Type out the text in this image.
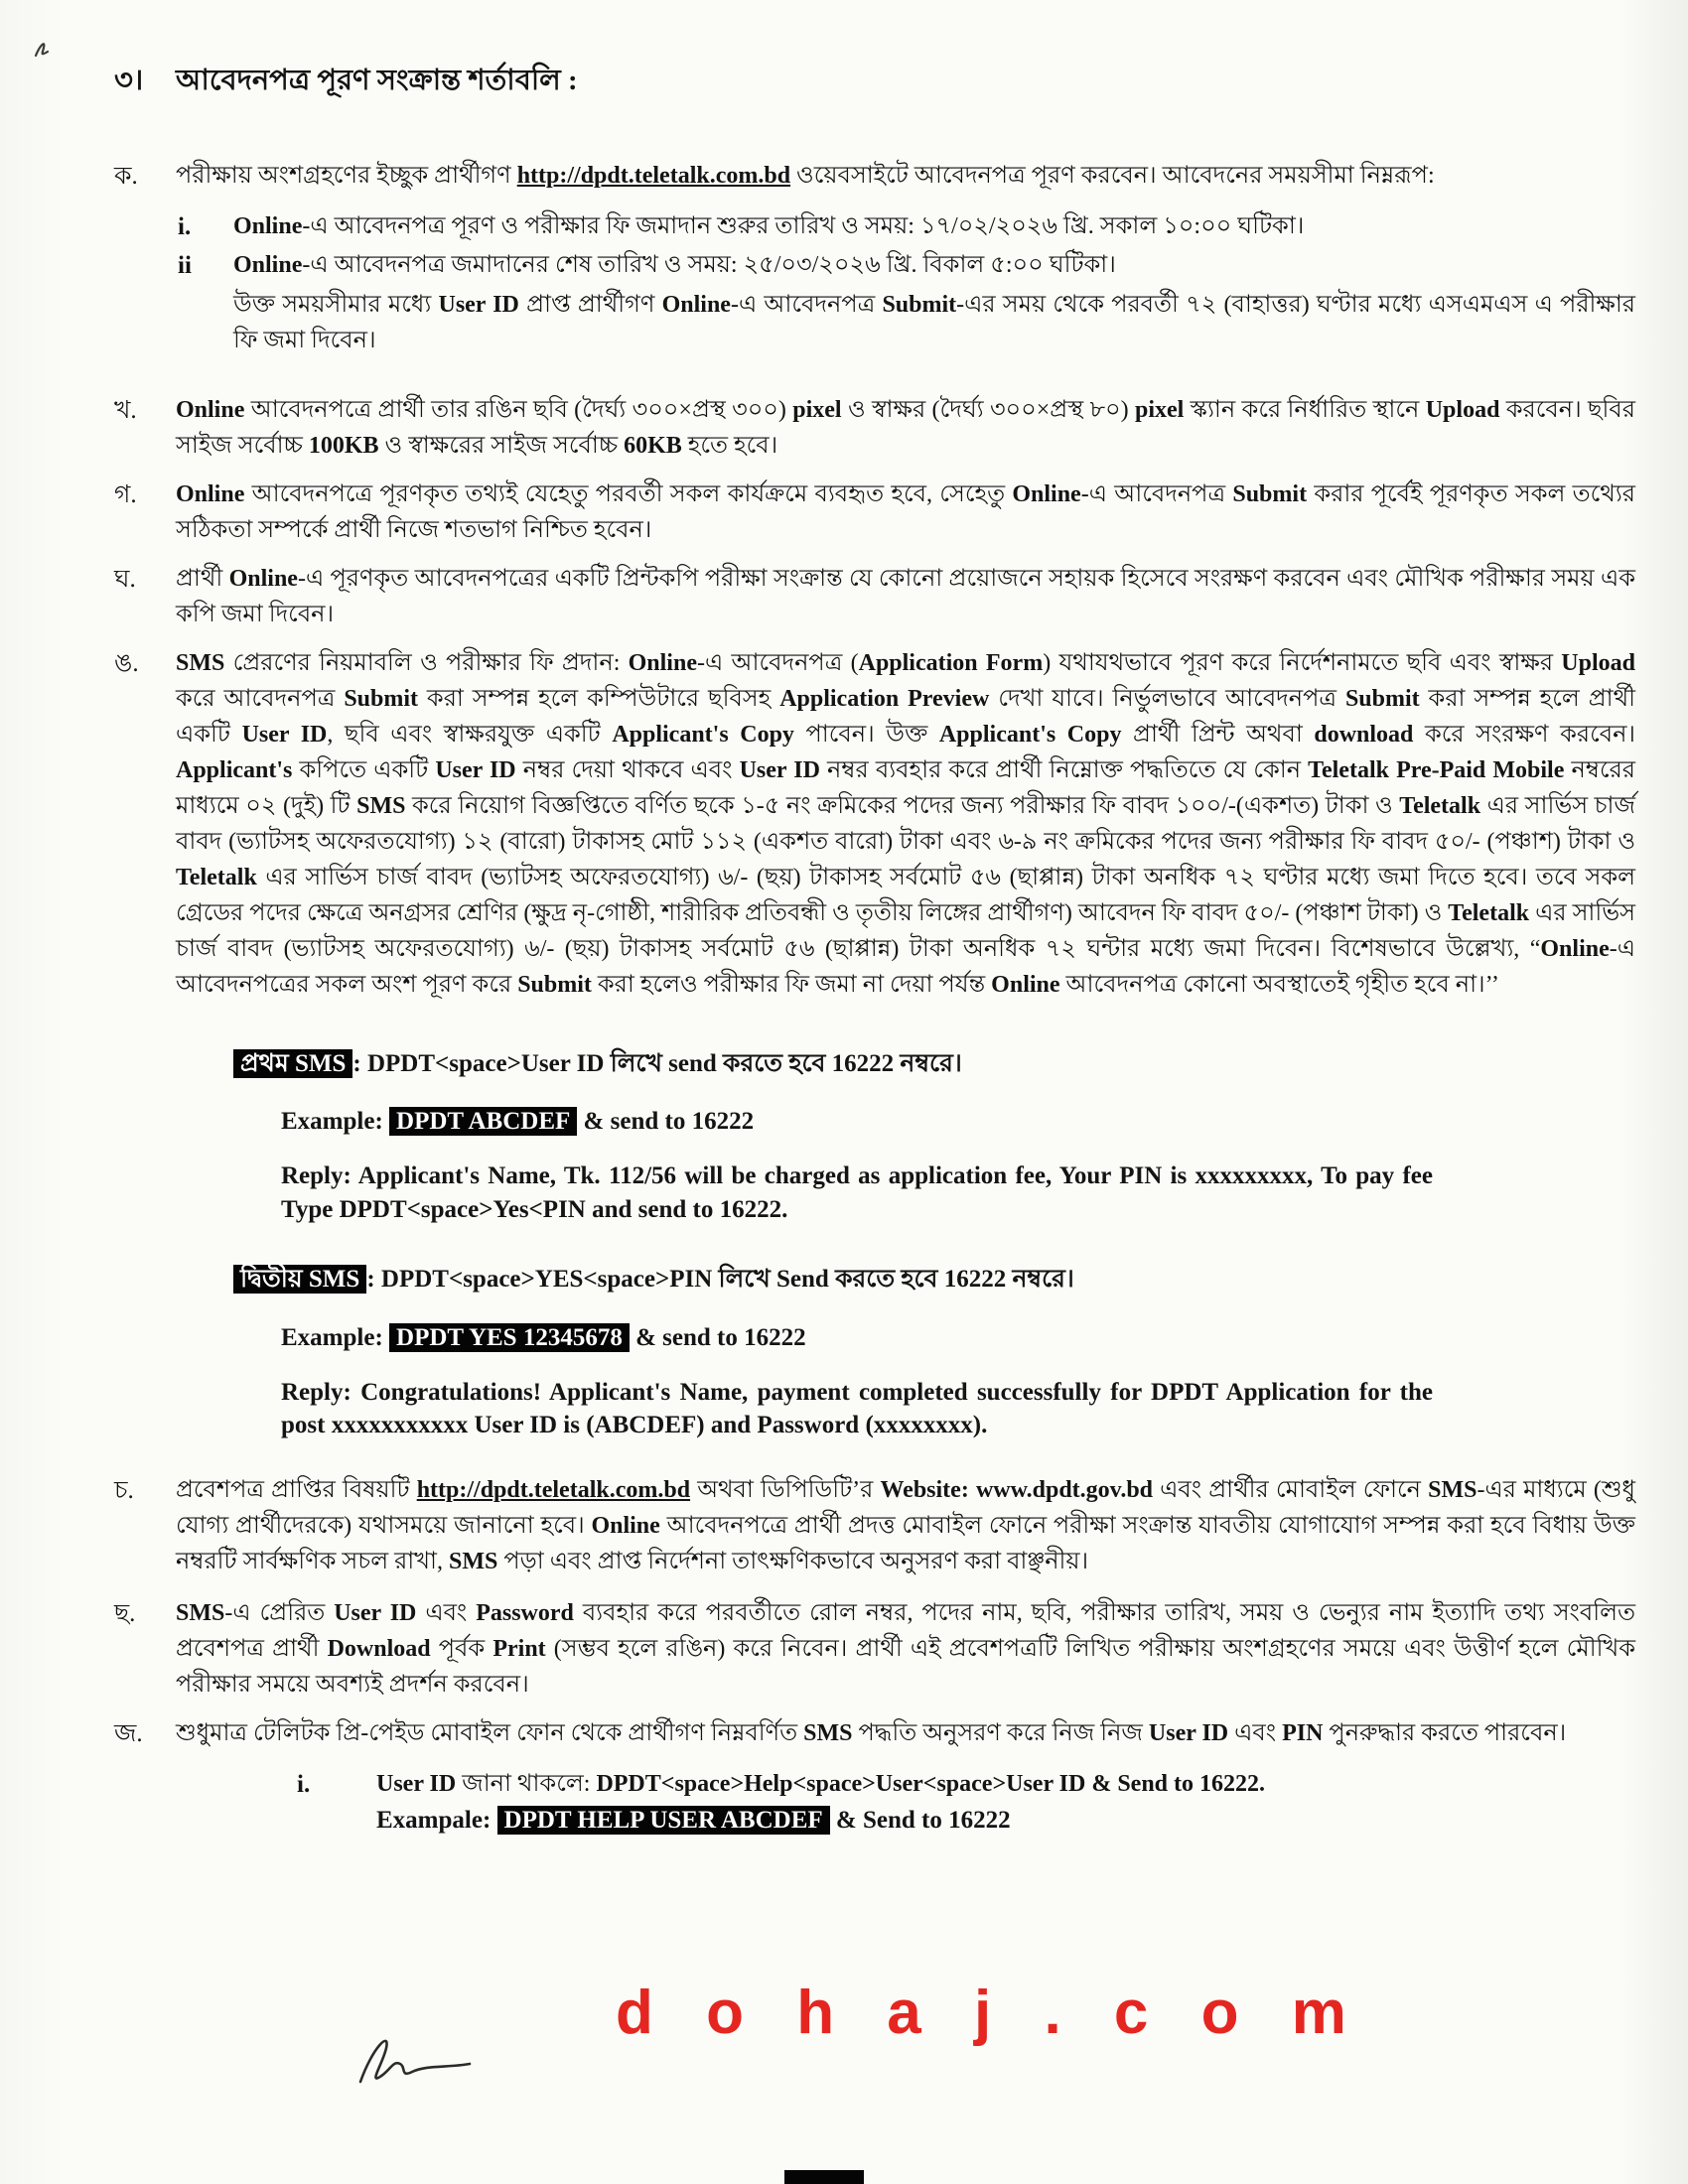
৩।	আবেদনপত্র পূরণ সংক্রান্ত শর্তাবলি :
ক.	পরীক্ষায় অংশগ্রহণের ইচ্ছুক প্রার্থীগণ http://dpdt.teletalk.com.bd ওয়েবসাইটে আবেদনপত্র পূরণ করবেন। আবেদনের সময়সীমা নিম্নরূপ:
i.	Online-এ আবেদনপত্র পূরণ ও পরীক্ষার ফি জমাদান শুরুর তারিখ ও সময়: ১৭/০২/২০২৬ খ্রি. সকাল ১০:০০ ঘটিকা।
ii	Online-এ আবেদনপত্র জমাদানের শেষ তারিখ ও সময়: ২৫/০৩/২০২৬ খ্রি. বিকাল ৫:০০ ঘটিকা।
উক্ত সময়সীমার মধ্যে User ID প্রাপ্ত প্রার্থীগণ Online-এ আবেদনপত্র Submit-এর সময় থেকে পরবর্তী ৭২ (বাহাত্তর) ঘণ্টার মধ্যে এসএমএস এ পরীক্ষার ফি জমা দিবেন।
খ.	Online আবেদনপত্রে প্রার্থী তার রঙিন ছবি (দৈর্ঘ্য ৩০০×প্রস্থ ৩০০) pixel ও স্বাক্ষর (দৈর্ঘ্য ৩০০×প্রস্থ ৮০) pixel স্ক্যান করে নির্ধারিত স্থানে Upload করবেন। ছবির সাইজ সর্বোচ্চ 100KB ও স্বাক্ষরের সাইজ সর্বোচ্চ 60KB হতে হবে।
গ.	Online আবেদনপত্রে পূরণকৃত তথ্যই যেহেতু পরবর্তী সকল কার্যক্রমে ব্যবহৃত হবে, সেহেতু Online-এ আবেদনপত্র Submit করার পূর্বেই পূরণকৃত সকল তথ্যের সঠিকতা সম্পর্কে প্রার্থী নিজে শতভাগ নিশ্চিত হবেন।
ঘ.	প্রার্থী Online-এ পূরণকৃত আবেদনপত্রের একটি প্রিন্টকপি পরীক্ষা সংক্রান্ত যে কোনো প্রয়োজনে সহায়ক হিসেবে সংরক্ষণ করবেন এবং মৌখিক পরীক্ষার সময় এক কপি জমা দিবেন।
ঙ.	SMS প্রেরণের নিয়মাবলি ও পরীক্ষার ফি প্রদান: Online-এ আবেদনপত্র (Application Form) যথাযথভাবে পূরণ করে নির্দেশনামতে ছবি এবং স্বাক্ষর Upload করে আবেদনপত্র Submit করা সম্পন্ন হলে কম্পিউটারে ছবিসহ Application Preview দেখা যাবে। নির্ভুলভাবে আবেদনপত্র Submit করা সম্পন্ন হলে প্রার্থী একটি User ID, ছবি এবং স্বাক্ষরযুক্ত একটি Applicant's Copy পাবেন। উক্ত Applicant's Copy প্রার্থী প্রিন্ট অথবা download করে সংরক্ষণ করবেন। Applicant's কপিতে একটি User ID নম্বর দেয়া থাকবে এবং User ID নম্বর ব্যবহার করে প্রার্থী নিম্নোক্ত পদ্ধতিতে যে কোন Teletalk Pre-Paid Mobile নম্বরের মাধ্যমে ০২ (দুই) টি SMS করে নিয়োগ বিজ্ঞপ্তিতে বর্ণিত ছকে ১-৫ নং ক্রমিকের পদের জন্য পরীক্ষার ফি বাবদ ১০০/-(একশত) টাকা ও Teletalk এর সার্ভিস চার্জ বাবদ (ভ্যাটসহ অফেরতযোগ্য) ১২ (বারো) টাকাসহ মোট ১১২ (একশত বারো) টাকা এবং ৬-৯ নং ক্রমিকের পদের জন্য পরীক্ষার ফি বাবদ ৫০/- (পঞ্চাশ) টাকা ও Teletalk এর সার্ভিস চার্জ বাবদ (ভ্যাটসহ অফেরতযোগ্য) ৬/- (ছয়) টাকাসহ সর্বমোট ৫৬ (ছাপ্পান্ন) টাকা অনধিক ৭২ ঘণ্টার মধ্যে জমা দিতে হবে। তবে সকল গ্রেডের পদের ক্ষেত্রে অনগ্রসর শ্রেণির (ক্ষুদ্র নৃ-গোষ্ঠী, শারীরিক প্রতিবন্ধী ও তৃতীয় লিঙ্গের প্রার্থীগণ) আবেদন ফি বাবদ ৫০/- (পঞ্চাশ টাকা) ও Teletalk এর সার্ভিস চার্জ বাবদ (ভ্যাটসহ অফেরতযোগ্য) ৬/- (ছয়) টাকাসহ সর্বমোট ৫৬ (ছাপ্পান্ন) টাকা অনধিক ৭২ ঘন্টার মধ্যে জমা দিবেন। বিশেষভাবে উল্লেখ্য, “Online-এ আবেদনপত্রের সকল অংশ পূরণ করে Submit করা হলেও পরীক্ষার ফি জমা না দেয়া পর্যন্ত Online আবেদনপত্র কোনো অবস্থাতেই গৃহীত হবে না।’’
প্রথম SMS : DPDT<space>User ID লিখে send করতে হবে 16222 নম্বরে।
Example: DPDT ABCDEF & send to 16222
Reply: Applicant's Name, Tk. 112/56 will be charged as application fee, Your PIN is xxxxxxxxx, To pay fee Type DPDT<space>Yes<PIN and send to 16222.
দ্বিতীয় SMS : DPDT<space>YES<space>PIN লিখে Send করতে হবে 16222 নম্বরে।
Example: DPDT YES 12345678 & send to 16222
Reply: Congratulations! Applicant's Name, payment completed successfully for DPDT Application for the post xxxxxxxxxxx User ID is (ABCDEF) and Password (xxxxxxxx).
চ.	প্রবেশপত্র প্রাপ্তির বিষয়টি http://dpdt.teletalk.com.bd অথবা ডিপিডিটি’র Website: www.dpdt.gov.bd এবং প্রার্থীর মোবাইল ফোনে SMS-এর মাধ্যমে (শুধু যোগ্য প্রার্থীদেরকে) যথাসময়ে জানানো হবে। Online আবেদনপত্রে প্রার্থী প্রদত্ত মোবাইল ফোনে পরীক্ষা সংক্রান্ত যাবতীয় যোগাযোগ সম্পন্ন করা হবে বিধায় উক্ত নম্বরটি সার্বক্ষণিক সচল রাখা, SMS পড়া এবং প্রাপ্ত নির্দেশনা তাৎক্ষণিকভাবে অনুসরণ করা বাঞ্ছনীয়।
ছ.	SMS-এ প্রেরিত User ID এবং Password ব্যবহার করে পরবর্তীতে রোল নম্বর, পদের নাম, ছবি, পরীক্ষার তারিখ, সময় ও ভেন্যুর নাম ইত্যাদি তথ্য সংবলিত প্রবেশপত্র প্রার্থী Download পূর্বক Print (সম্ভব হলে রঙিন) করে নিবেন। প্রার্থী এই প্রবেশপত্রটি লিখিত পরীক্ষায় অংশগ্রহণের সময়ে এবং উত্তীর্ণ হলে মৌখিক পরীক্ষার সময়ে অবশ্যই প্রদর্শন করবেন।
জ.	শুধুমাত্র টেলিটক প্রি-পেইড মোবাইল ফোন থেকে প্রার্থীগণ নিম্নবর্ণিত SMS পদ্ধতি অনুসরণ করে নিজ নিজ User ID এবং PIN পুনরুদ্ধার করতে পারবেন।
i.	User ID জানা থাকলে: DPDT<space>Help<space>User<space>User ID & Send to 16222.
Exampale: DPDT HELP USER ABCDEF & Send to 16222
d o h a j . c o m
